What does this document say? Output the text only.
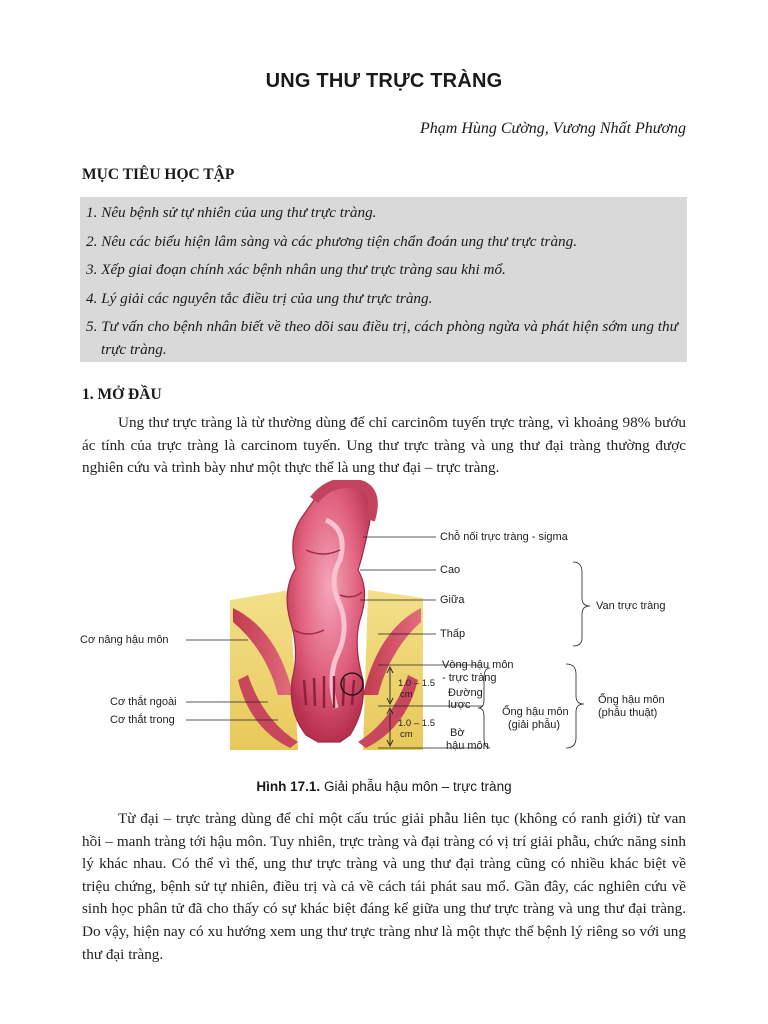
UNG THƯ TRỰC TRÀNG
Phạm Hùng Cường, Vương Nhất Phương
MỤC TIÊU HỌC TẬP
1. Nêu bệnh sử tự nhiên của ung thư trực tràng.
2. Nêu các biểu hiện lâm sàng và các phương tiện chẩn đoán ung thư trực tràng.
3. Xếp giai đoạn chính xác bệnh nhân ung thư trực tràng sau khi mổ.
4. Lý giải các nguyên tắc điều trị của ung thư trực tràng.
5. Tư vấn cho bệnh nhân biết về theo dõi sau điều trị, cách phòng ngừa và phát hiện sớm ung thư trực tràng.
1. MỞ ĐẦU
Ung thư trực tràng là từ thường dùng để chỉ carcinôm tuyến trực tràng, vì khoảng 98% bướu ác tính của trực tràng là carcinom tuyến. Ung thư trực tràng và ung thư đại tràng thường được nghiên cứu và trình bày như một thực thể là ung thư đại – trực tràng.
Chỗ nối trực tràng - sigma
Cao
Giữa
Thấp
Van trực tràng
Cơ nâng hậu môn
Vòng hậu môn
- trực tràng
Đường
lược
Ống hậu môn
(giải phẫu)
Bờ
hậu môn
Ống hậu môn
(phẫu thuật)
Cơ thắt ngoài
Cơ thắt trong
1.0 – 1.5
cm
1.0 – 1.5
cm
Hình 17.1. Giải phẫu hậu môn – trực tràng
Từ đại – trực tràng dùng để chỉ một cấu trúc giải phẫu liên tục (không có ranh giới) từ van hồi – manh tràng tới hậu môn. Tuy nhiên, trực tràng và đại tràng có vị trí giải phẫu, chức năng sinh lý khác nhau. Có thể vì thế, ung thư trực tràng và ung thư đại tràng cũng có nhiều khác biệt về triệu chứng, bệnh sử tự nhiên, điều trị và cả về cách tái phát sau mổ. Gần đây, các nghiên cứu về sinh học phân tử đã cho thấy có sự khác biệt đáng kể giữa ung thư trực tràng và ung thư đại tràng. Do vậy, hiện nay có xu hướng xem ung thư trực tràng như là một thực thể bệnh lý riêng so với ung thư đại tràng.
